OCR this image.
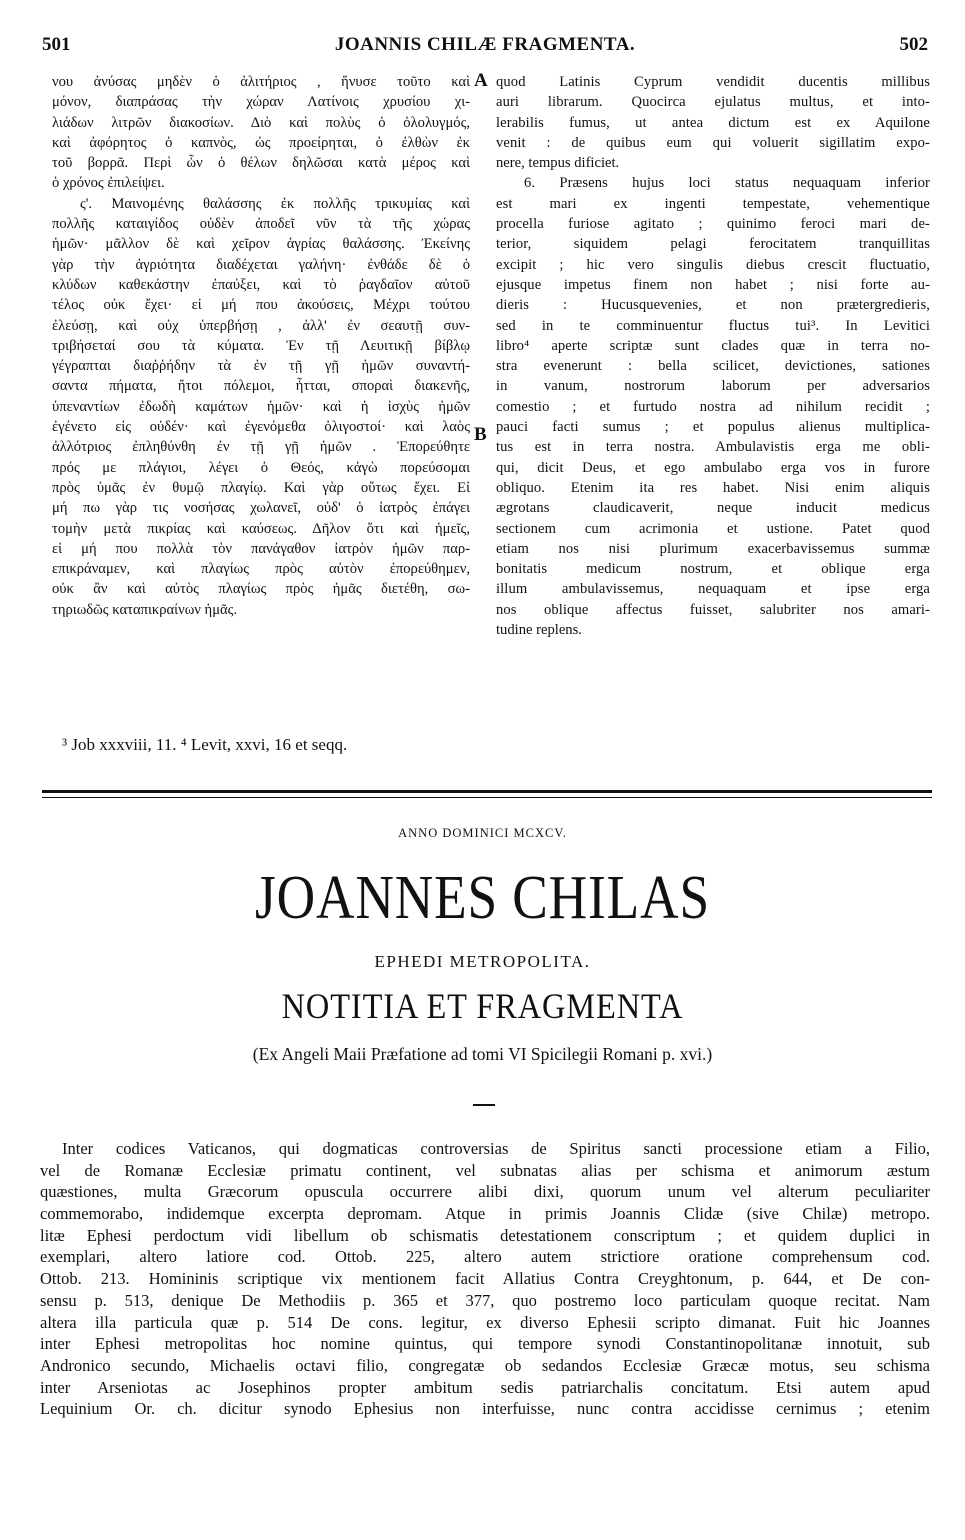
501	JOANNIS CHILÆ FRAGMENTA.	502
νου ἀνύσας μηδὲν ὁ ἀλιτήριος , ἥνυσε τοῦτο καὶ
μόνον, διαπράσας τὴν χώραν Λατίνοις χρυσίου χι-
λιάδων λιτρῶν διακοσίων. Διὸ καὶ πολὺς ὁ ὀλολυγμός,
καὶ ἀφόρητος ὁ καπνὸς, ὡς προείρηται, ὁ ἐλθὼν ἐκ
τοῦ βορρᾶ. Περὶ ὧν ὁ θέλων δηλῶσαι κατὰ μέρος καὶ
ὁ χρόνος ἐπιλείψει.
ς'. Μαινομένης θαλάσσης ἐκ πολλῆς τρικυμίας καὶ
πολλῆς καταιγίδος οὐδὲν ἀποδεῖ νῦν τὰ τῆς χώρας
ἡμῶν· μᾶλλον δὲ καὶ χεῖρον ἀγρίας θαλάσσης. Ἐκείνης
γὰρ τὴν ἀγριότητα διαδέχεται γαλήνη· ἐνθάδε δὲ ὁ
κλύδων καθεκάστην ἐπαύξει, καὶ τὸ ῥαγδαῖον αὐτοῦ
τέλος οὐκ ἔχει· εἰ μή που ἀκούσεις, Μέχρι τούτου
ἐλεύσῃ, καὶ οὐχ ὑπερβήσῃ , ἀλλ' ἐν σεαυτῇ συν-
τριβήσεταί σου τὰ κύματα. Ἐν τῇ Λευιτικῇ βίβλῳ
γέγραπται διαῤῥήδην τὰ ἐν τῇ γῇ ἡμῶν συναντή-
σαντα πήματα, ἤτοι πόλεμοι, ἧτται, σποραὶ διακενῆς,
ὑπεναντίων ἐδωδὴ καμάτων ἡμῶν· καὶ ἡ ἰσχὺς ἡμῶν
ἐγένετο εἰς οὐδέν· καὶ ἐγενόμεθα ὀλιγοστοί· καὶ λαὸς
ἀλλότριος ἐπληθύνθη ἐν τῇ γῇ ἡμῶν . Ἐπορεύθητε
πρός με πλάγιοι, λέγει ὁ Θεός, κἀγὼ πορεύσομαι
πρὸς ὑμᾶς ἐν θυμῷ πλαγίῳ. Καὶ γὰρ οὕτως ἔχει. Εἰ
μή πω γὰρ τις νοσήσας χωλανεῖ, οὐδ' ὁ ἰατρὸς ἐπάγει
τομὴν μετὰ πικρίας καὶ καύσεως. Δῆλον ὅτι καὶ ἡμεῖς,
εἰ μή που πολλὰ τὸν πανάγαθον ἰατρὸν ἡμῶν παρ-
επικράναμεν, καὶ πλαγίως πρὸς αὐτὸν ἐπορεύθημεν,
οὐκ ἂν καὶ αὐτὸς πλαγίως πρὸς ἡμᾶς διετέθη, σω-
τηριωδῶς καταπικραίνων ἡμᾶς.
A
B
quod Latinis Cyprum vendidit ducentis millibus
auri librarum. Quocirca ejulatus multus, et into-
lerabilis fumus, ut antea dictum est ex Aquilone
venit : de quibus eum qui voluerit sigillatim expo-
nere, tempus dificiet.
6. Præsens hujus loci status nequaquam inferior
est mari ex ingenti tempestate, vehementique
procella furiose agitato ; quinimo feroci mari de-
terior, siquidem pelagi ferocitatem tranquillitas
excipit ; hic vero singulis diebus crescit fluctuatio,
ejusque impetus finem non habet ; nisi forte au-
dieris : Hucusquevenies, et non prætergredieris,
sed in te comminuentur fluctus tui³. In Levitici
libro⁴ aperte scriptæ sunt clades quæ in terra no-
stra evenerunt : bella scilicet, devictiones, sationes
in vanum, nostrorum laborum per adversarios
comestio ; et furtudo nostra ad nihilum recidit ;
pauci facti sumus ; et populus alienus multiplica-
tus est in terra nostra. Ambulavistis erga me obli-
qui, dicit Deus, et ego ambulabo erga vos in furore
obliquo. Etenim ita res habet. Nisi enim aliquis
ægrotans claudicaverit, neque inducit medicus
sectionem cum acrimonia et ustione. Patet quod
etiam nos nisi plurimum exacerbavissemus summæ
bonitatis medicum nostrum, et oblique erga
illum ambulavissemus, nequaquam et ipse erga
nos oblique affectus fuisset, salubriter nos amari-
tudine replens.
³ Job xxxviii, 11. ⁴ Levit, xxvi, 16 et seqq.
ANNO DOMINICI MCXCV.
JOANNES CHILAS
EPHEDI METROPOLITA.
NOTITIA ET FRAGMENTA
(Ex Angeli Maii Præfatione ad tomi VI Spicilegii Romani p. xvi.)
Inter codices Vaticanos, qui dogmaticas controversias de Spiritus sancti processione etiam a Filio,
vel de Romanæ Ecclesiæ primatu continent, vel subnatas alias per schisma et animorum æstum
quæstiones, multa Græcorum opuscula occurrere alibi dixi, quorum unum vel alterum peculiariter
commemorabo, indidemque excerpta depromam. Atque in primis Joannis Clidæ (sive Chilæ) metropo.
litæ Ephesi perdoctum vidi libellum ob schismatis detestationem conscriptum ; et quidem duplici in
exemplari, altero latiore cod. Ottob. 225, altero autem strictiore oratione comprehensum cod.
Ottob. 213. Homininis scriptique vix mentionem facit Allatius Contra Creyghtonum, p. 644, et De con-
sensu p. 513, denique De Methodiis p. 365 et 377, quo postremo loco particulam quoque recitat. Nam
altera illa particula quæ p. 514 De cons. legitur, ex diverso Ephesii scripto dimanat. Fuit hic Joannes
inter Ephesi metropolitas hoc nomine quintus, qui tempore synodi Constantinopolitanæ innotuit, sub
Andronico secundo, Michaelis octavi filio, congregatæ ob sedandos Ecclesiæ Græcæ motus, seu schisma
inter Arseniotas ac Josephinos propter ambitum sedis patriarchalis concitatum. Etsi autem apud
Lequinium Or. ch. dicitur synodo Ephesius non interfuisse, nunc contra accidisse cernimus ; etenim
